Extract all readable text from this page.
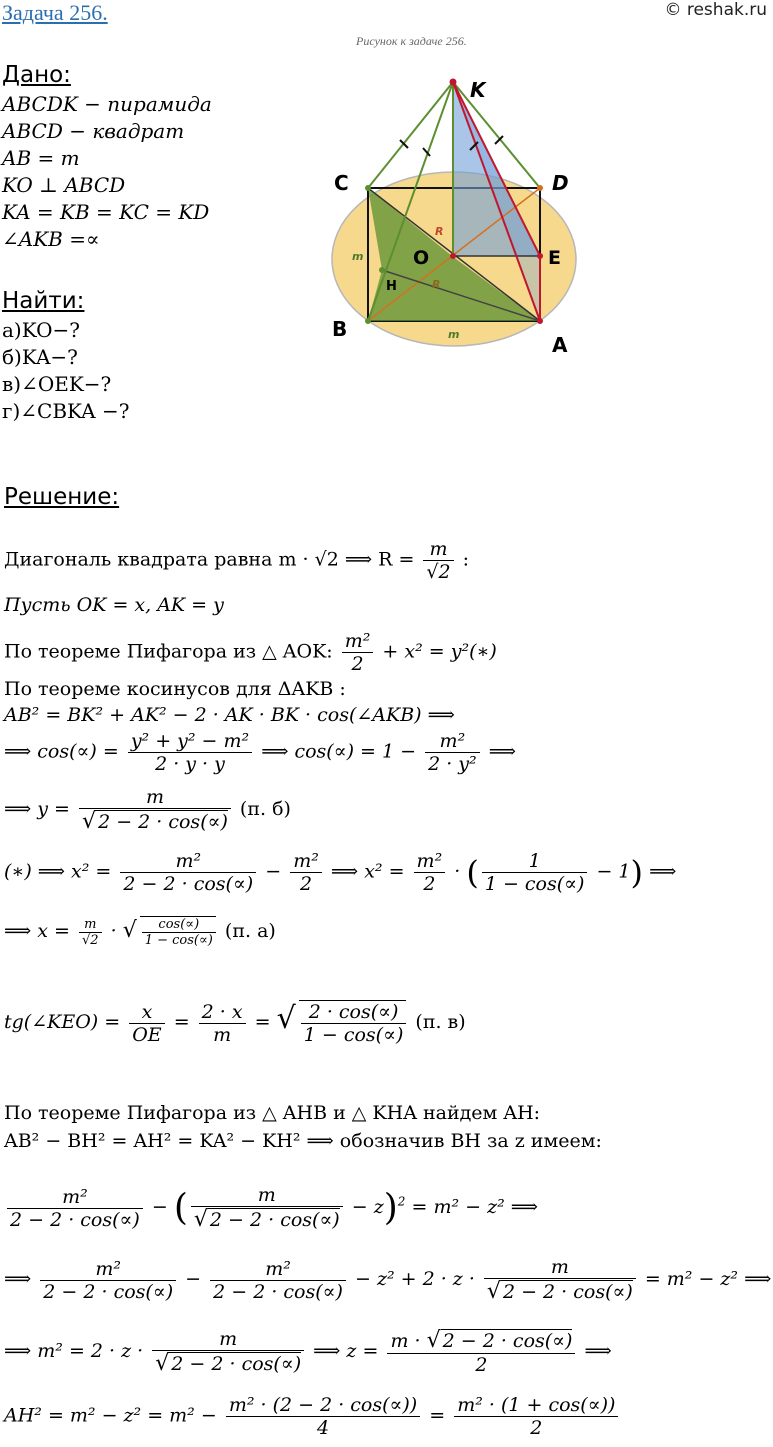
Задача 256.	© reshak.ru
Рисунок к задаче 256.
Дано:
ABCDK − пирамида
ABCD − квадрат
AB = m
KO ⊥ ABCD
KA = KB = KC = KD
∠AKB =∝
Найти:
а)KO−?
б)KA−?
в)∠OEK−?
г)∠CBKA −?
K
C	D
O	E
B
A
H
R
R
m
m
Решение:
Диагональ квадрата равна m · √2 ⟹ $R = \frac{m}{√2}$ :
Пусть OK = x, AK = y
По теореме Пифагора из △ AOK: $\frac{\text{m²}}{2} + x^2$ = y²(∗)
По теореме косинусов для ΔAKB :
AB² = BK² + AK² − 2 · AK · BK · cos(∠AKB) ⟹
⟹ $\cos(\propto) = \frac{\text{y² + y² − m²}}{2 \cdot y \cdot y}$ ⟹ $\cos(\propto) = 1 - \frac{\text{m²}}{\text{2 · y²}}$ ⟹
⟹ $y = \frac{m}{√ 2 - 2 \cdot \cos(\propto)} (п$. б)
(∗) ⟹ $x^2 = \frac{\text{m²}}{2 - 2 \cdot \cos(\propto)} - \frac{\text{m²}}{2}$ ⟹ $x^2 = \frac{\text{m²}}{2}$ · ( $\frac{1}{1 - \cos(\propto)} - 1$) ⟹
⟹ $x = \frac{m}{√2}$ · √ $\frac{\cos(\propto)}{1 - \cos(\propto)} (п$. а)
tg(∠KEO) = $\frac{x}{OE} = \frac{2 \cdot x}{m}$ = √ $\frac{2 \cdot \cos(\propto)}{1 - \cos(\propto)} (п$. в)
По теореме Пифагора из △ AHB и △ KHA найдем AH:
AB² − BH² = AH² = KA² − KH² ⟹ обозначив BH за z имеем:
$\frac{\text{m²}}{2 - 2 \cdot \cos(\propto)}$ − ( $\frac{m}{√ 2 - 2 \cdot \cos(\propto)} - z)^2 = m^2 - z^2$ ⟹
⟹ $\frac{\text{m²}}{2 - 2 \cdot \cos(\propto)} - \frac{\text{m²}}{2 - 2 \cdot \cos(\propto)} - z^2 + 2 \cdot z \cdot \frac{m}{√ 2 - 2 \cdot \cos(\propto)} = m^2 - z^2$ ⟹
⟹ $m^2 = 2 \cdot z \cdot \frac{m}{√ 2 - 2 \cdot \cos(\propto)}$ ⟹ $z = \frac{m \cdot √ 2 - 2 \cdot \cos(\propto)}{2}$ ⟹
$AH^2 = m^2 - z^2 = m^2 - \frac{\text{m² · (2 − 2 · cos(∝))}}{4} = \frac{\text{m² · (1 + cos(∝))}}{2}$
